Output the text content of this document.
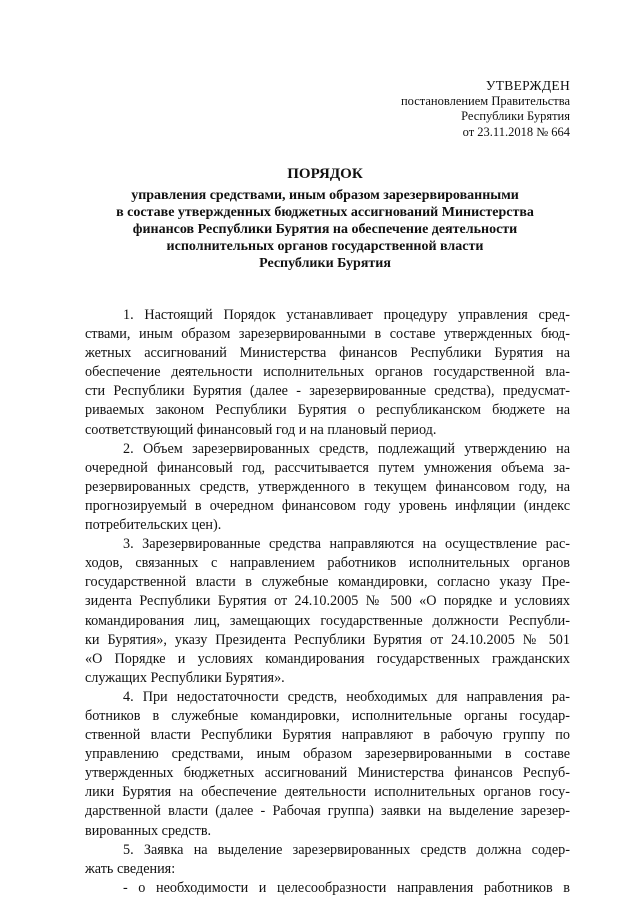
УТВЕРЖДЕН
постановлением Правительства
Республики Бурятия
от 23.11.2018 № 664
ПОРЯДОК
управления средствами, иным образом зарезервированными
в составе утвержденных бюджетных ассигнований Министерства
финансов Республики Бурятия на обеспечение деятельности
исполнительных органов государственной власти
Республики Бурятия
1. Настоящий Порядок устанавливает процедуру управления сред-
ствами, иным образом зарезервированными в составе утвержденных бюд-
жетных ассигнований Министерства финансов Республики Бурятия на
обеспечение деятельности исполнительных органов государственной вла-
сти Республики Бурятия (далее - зарезервированные средства), предусмат-
риваемых законом Республики Бурятия о республиканском бюджете на
соответствующий финансовый год и на плановый период.
2. Объем зарезервированных средств, подлежащий утверждению на
очередной финансовый год, рассчитывается путем умножения объема за-
резервированных средств, утвержденного в текущем финансовом году, на
прогнозируемый в очередном финансовом году уровень инфляции (индекс
потребительских цен).
3. Зарезервированные средства направляются на осуществление рас-
ходов, связанных с направлением работников исполнительных органов
государственной власти в служебные командировки, согласно указу Пре-
зидента Республики Бурятия от 24.10.2005 № 500 «О порядке и условиях
командирования лиц, замещающих государственные должности Республи-
ки Бурятия», указу Президента Республики Бурятия от 24.10.2005 № 501
«О Порядке и условиях командирования государственных гражданских
служащих Республики Бурятия».
4. При недостаточности средств, необходимых для направления ра-
ботников в служебные командировки, исполнительные органы государ-
ственной власти Республики Бурятия направляют в рабочую группу по
управлению средствами, иным образом зарезервированными в составе
утвержденных бюджетных ассигнований Министерства финансов Респуб-
лики Бурятия на обеспечение деятельности исполнительных органов госу-
дарственной власти (далее - Рабочая группа) заявки на выделение зарезер-
вированных средств.
5. Заявка на выделение зарезервированных средств должна содер-
жать сведения:
- о необходимости и целесообразности направления работников в
